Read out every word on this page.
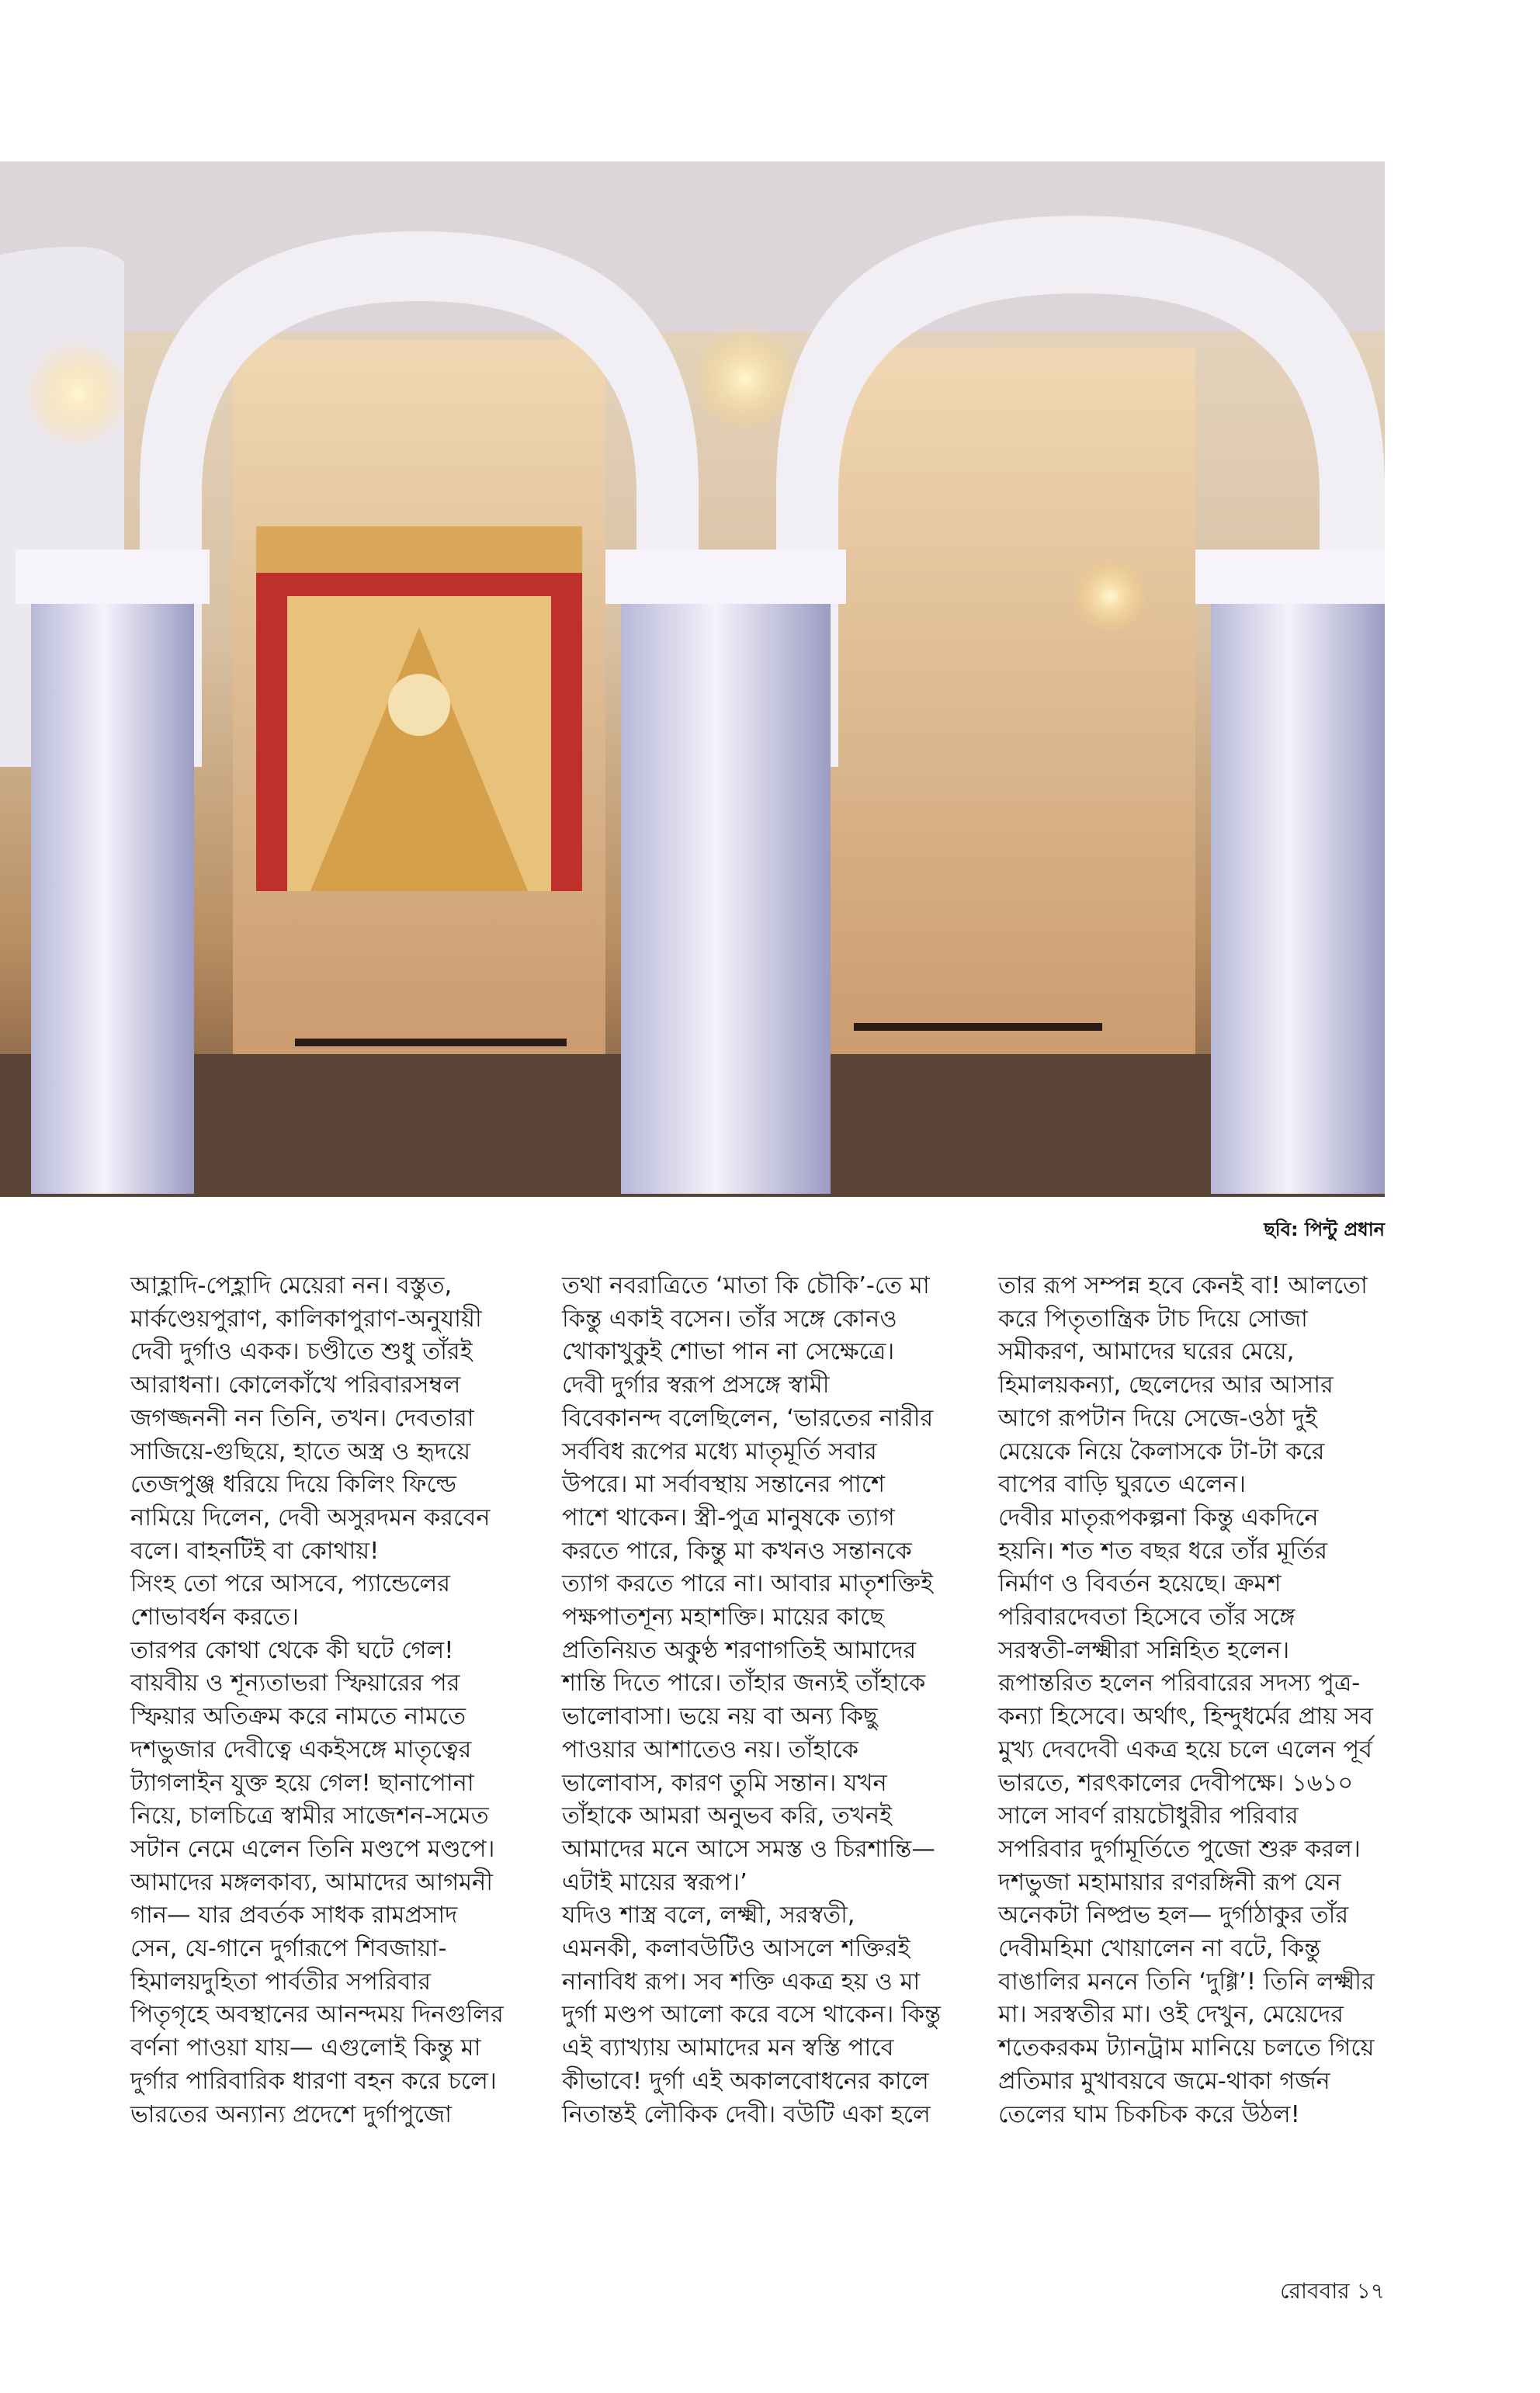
ছবি: পিন্টু প্রধান
আহ্লাদি-পেহ্লাদি মেয়েরা নন। বস্তুত,
মার্কণ্ডেয়পুরাণ, কালিকাপুরাণ-অনুযায়ী
দেবী দুর্গাও একক। চণ্ডীতে শুধু তাঁরই
আরাধনা। কোলেকাঁখে পরিবারসম্বল
জগজ্জননী নন তিনি, তখন। দেবতারা
সাজিয়ে-গুছিয়ে, হাতে অস্ত্র ও হৃদয়ে
তেজপুঞ্জ ধরিয়ে দিয়ে কিলিং ফিল্ডে
নামিয়ে দিলেন, দেবী অসুরদমন করবেন
বলে। বাহনটিই বা কোথায়!
সিংহ তো পরে আসবে, প্যান্ডেলের
শোভাবর্ধন করতে।
তারপর কোথা থেকে কী ঘটে গেল!
বায়বীয় ও শূন্যতাভরা স্ফিয়ারের পর
স্ফিয়ার অতিক্রম করে নামতে নামতে
দশভুজার দেবীত্বে একইসঙ্গে মাতৃত্বের
ট্যাগলাইন যুক্ত হয়ে গেল! ছানাপোনা
নিয়ে, চালচিত্রে স্বামীর সাজেশন-সমেত
সটান নেমে এলেন তিনি মণ্ডপে মণ্ডপে।
আমাদের মঙ্গলকাব্য, আমাদের আগমনী
গান— যার প্রবর্তক সাধক রামপ্রসাদ
সেন, যে-গানে দুর্গারূপে শিবজায়া-
হিমালয়দুহিতা পার্বতীর সপরিবার
পিতৃগৃহে অবস্থানের আনন্দময় দিনগুলির
বর্ণনা পাওয়া যায়— এগুলোই কিন্তু মা
দুর্গার পারিবারিক ধারণা বহন করে চলে।
ভারতের অন্যান্য প্রদেশে দুর্গাপুজো
তথা নবরাত্রিতে ‘মাতা কি চৌকি’-তে মা
কিন্তু একাই বসেন। তাঁর সঙ্গে কোনও
খোকাখুকুই শোভা পান না সেক্ষেত্রে।
দেবী দুর্গার স্বরূপ প্রসঙ্গে স্বামী
বিবেকানন্দ বলেছিলেন, ‘ভারতের নারীর
সর্ববিধ রূপের মধ্যে মাতৃমূর্তি সবার
উপরে। মা সর্বাবস্থায় সন্তানের পাশে
পাশে থাকেন। স্ত্রী-পুত্র মানুষকে ত্যাগ
করতে পারে, কিন্তু মা কখনও সন্তানকে
ত্যাগ করতে পারে না। আবার মাতৃশক্তিই
পক্ষপাতশূন্য মহাশক্তি। মায়ের কাছে
প্রতিনিয়ত অকুণ্ঠ শরণাগতিই আমাদের
শান্তি দিতে পারে। তাঁহার জন্যই তাঁহাকে
ভালোবাসা। ভয়ে নয় বা অন্য কিছু
পাওয়ার আশাতেও নয়। তাঁহাকে
ভালোবাস, কারণ তুমি সন্তান। যখন
তাঁহাকে আমরা অনুভব করি, তখনই
আমাদের মনে আসে সমস্ত ও চিরশান্তি—
এটাই মায়ের স্বরূপ।’
যদিও শাস্ত্র বলে, লক্ষ্মী, সরস্বতী,
এমনকী, কলাবউটিও আসলে শক্তিরই
নানাবিধ রূপ। সব শক্তি একত্র হয় ও মা
দুর্গা মণ্ডপ আলো করে বসে থাকেন। কিন্তু
এই ব্যাখ্যায় আমাদের মন স্বস্তি পাবে
কীভাবে! দুর্গা এই অকালবোধনের কালে
নিতান্তই লৌকিক দেবী। বউটি একা হলে
তার রূপ সম্পন্ন হবে কেনই বা! আলতো
করে পিতৃতান্ত্রিক টাচ দিয়ে সোজা
সমীকরণ, আমাদের ঘরের মেয়ে,
হিমালয়কন্যা, ছেলেদের আর আসার
আগে রূপটান দিয়ে সেজে-ওঠা দুই
মেয়েকে নিয়ে কৈলাসকে টা-টা করে
বাপের বাড়ি ঘুরতে এলেন।
দেবীর মাতৃরূপকল্পনা কিন্তু একদিনে
হয়নি। শত শত বছর ধরে তাঁর মূর্তির
নির্মাণ ও বিবর্তন হয়েছে। ক্রমশ
পরিবারদেবতা হিসেবে তাঁর সঙ্গে
সরস্বতী-লক্ষ্মীরা সন্নিহিত হলেন।
রূপান্তরিত হলেন পরিবারের সদস্য পুত্র-
কন্যা হিসেবে। অর্থাৎ, হিন্দুধর্মের প্রায় সব
মুখ্য দেবদেবী একত্র হয়ে চলে এলেন পূর্ব
ভারতে, শরৎকালের দেবীপক্ষে। ১৬১০
সালে সাবর্ণ রায়চৌধুরীর পরিবার
সপরিবার দুর্গামূর্তিতে পুজো শুরু করল।
দশভুজা মহামায়ার রণরঙ্গিনী রূপ যেন
অনেকটা নিষ্প্রভ হল— দুর্গাঠাকুর তাঁর
দেবীমহিমা খোয়ালেন না বটে, কিন্তু
বাঙালির মননে তিনি ‘দুগ্গি’! তিনি লক্ষ্মীর
মা। সরস্বতীর মা। ওই দেখুন, মেয়েদের
শতেকরকম ট্যানট্রাম মানিয়ে চলতে গিয়ে
প্রতিমার মুখাবয়বে জমে-থাকা গর্জন
তেলের ঘাম চিকচিক করে উঠল!
রোববার ১৭
